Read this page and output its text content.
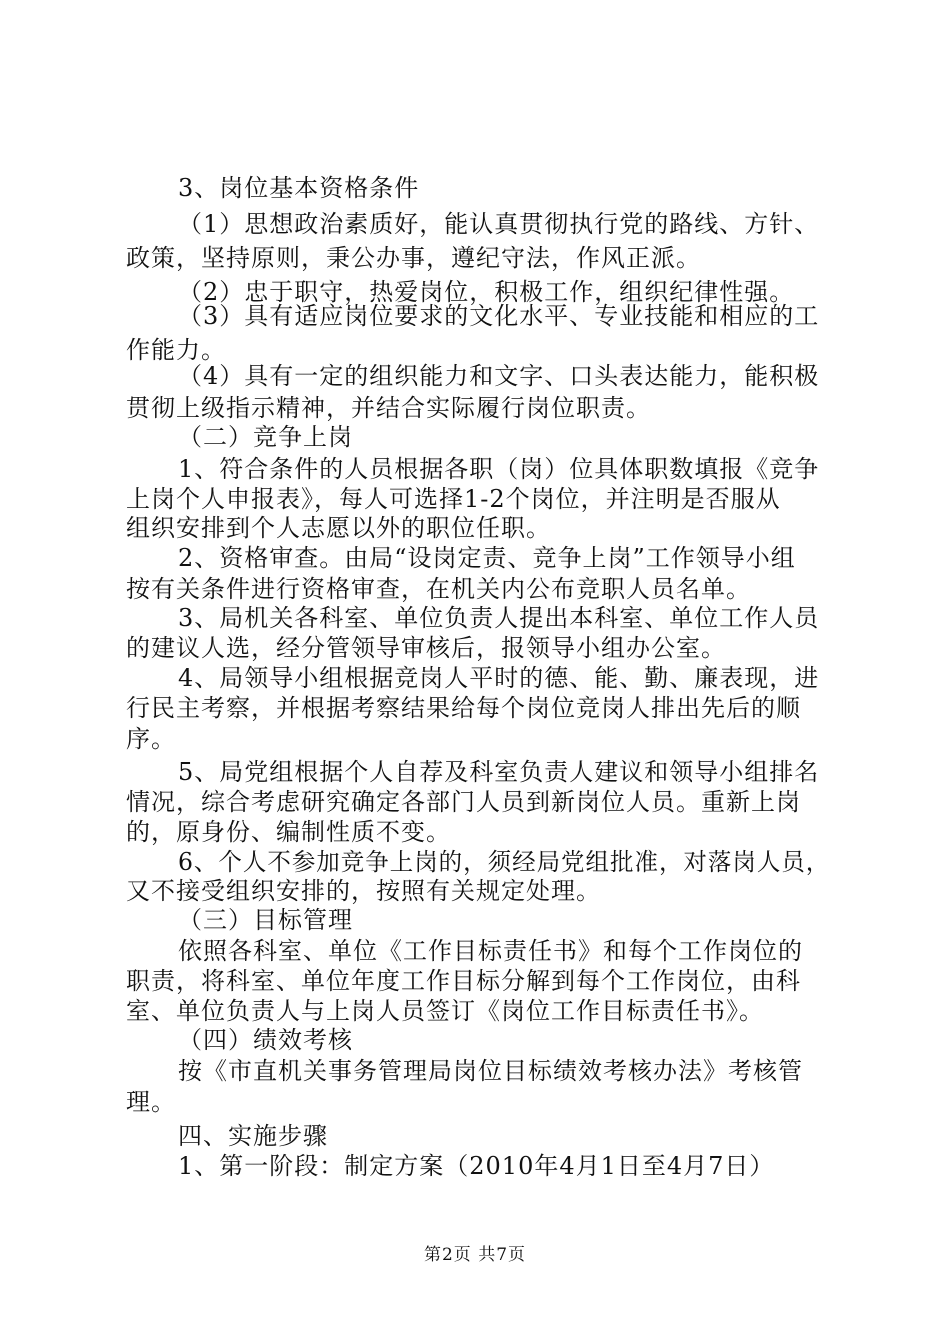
3、岗位基本资格条件
（1）思想政治素质好，能认真贯彻执行党的路线、方针、
政策，坚持原则，秉公办事，遵纪守法，作风正派。
（2）忠于职守，热爱岗位，积极工作，组织纪律性强。
（3）具有适应岗位要求的文化水平、专业技能和相应的工
作能力。
（4）具有一定的组织能力和文字、口头表达能力，能积极
贯彻上级指示精神，并结合实际履行岗位职责。
（二）竞争上岗
1、符合条件的人员根据各职（岗）位具体职数填报《竞争
上岗个人申报表》，每人可选择1-2个岗位，并注明是否服从
组织安排到个人志愿以外的职位任职。
2、资格审查。由局“设岗定责、竞争上岗”工作领导小组
按有关条件进行资格审查，在机关内公布竞职人员名单。
3、局机关各科室、单位负责人提出本科室、单位工作人员
的建议人选，经分管领导审核后，报领导小组办公室。
4、局领导小组根据竞岗人平时的德、能、勤、廉表现，进
行民主考察，并根据考察结果给每个岗位竞岗人排出先后的顺
序。
5、局党组根据个人自荐及科室负责人建议和领导小组排名
情况，综合考虑研究确定各部门人员到新岗位人员。重新上岗
的，原身份、编制性质不变。
6、个人不参加竞争上岗的，须经局党组批准，对落岗人员，
又不接受组织安排的，按照有关规定处理。
（三）目标管理
依照各科室、单位《工作目标责任书》和每个工作岗位的
职责，将科室、单位年度工作目标分解到每个工作岗位，由科
室、单位负责人与上岗人员签订《岗位工作目标责任书》。
（四）绩效考核
按《市直机关事务管理局岗位目标绩效考核办法》考核管
理。
四、实施步骤
1、第一阶段：制定方案（2010年4月1日至4月7日）
第2页 共7页
